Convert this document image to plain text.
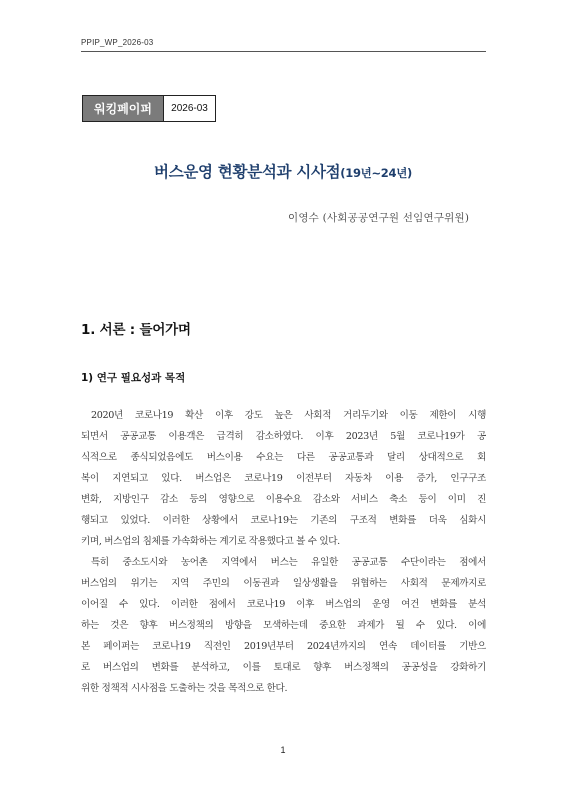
PPIP_WP_2026-03
워킹페이퍼	2026-03
버스운영 현황분석과 시사점(19년~24년)
이영수 (사회공공연구원 선임연구위원)
1. 서론 : 들어가며
1) 연구 필요성과 목적
2020년 코로나19 확산 이후 강도 높은 사회적 거리두기와 이동 제한이 시행
되면서 공공교통 이용객은 급격히 감소하였다. 이후 2023년 5월 코로나19가 공
식적으로 종식되었음에도 버스이용 수요는 다른 공공교통과 달리 상대적으로 회
복이 지연되고 있다. 버스업은 코로나19 이전부터 자동차 이용 증가, 인구구조
변화, 지방인구 감소 등의 영향으로 이용수요 감소와 서비스 축소 등이 이미 진
행되고 있었다. 이러한 상황에서 코로나19는 기존의 구조적 변화를 더욱 심화시
키며, 버스업의 침체를 가속화하는 계기로 작용했다고 볼 수 있다.
특히 중소도시와 농어촌 지역에서 버스는 유일한 공공교통 수단이라는 점에서
버스업의 위기는 지역 주민의 이동권과 일상생활을 위협하는 사회적 문제까지로
이어질 수 있다. 이러한 점에서 코로나19 이후 버스업의 운영 여건 변화를 분석
하는 것은 향후 버스정책의 방향을 모색하는데 중요한 과제가 될 수 있다. 이에
본 페이퍼는 코로나19 직전인 2019년부터 2024년까지의 연속 데이터를 기반으
로 버스업의 변화를 분석하고, 이를 토대로 향후 버스정책의 공공성을 강화하기
위한 정책적 시사점을 도출하는 것을 목적으로 한다.
1
